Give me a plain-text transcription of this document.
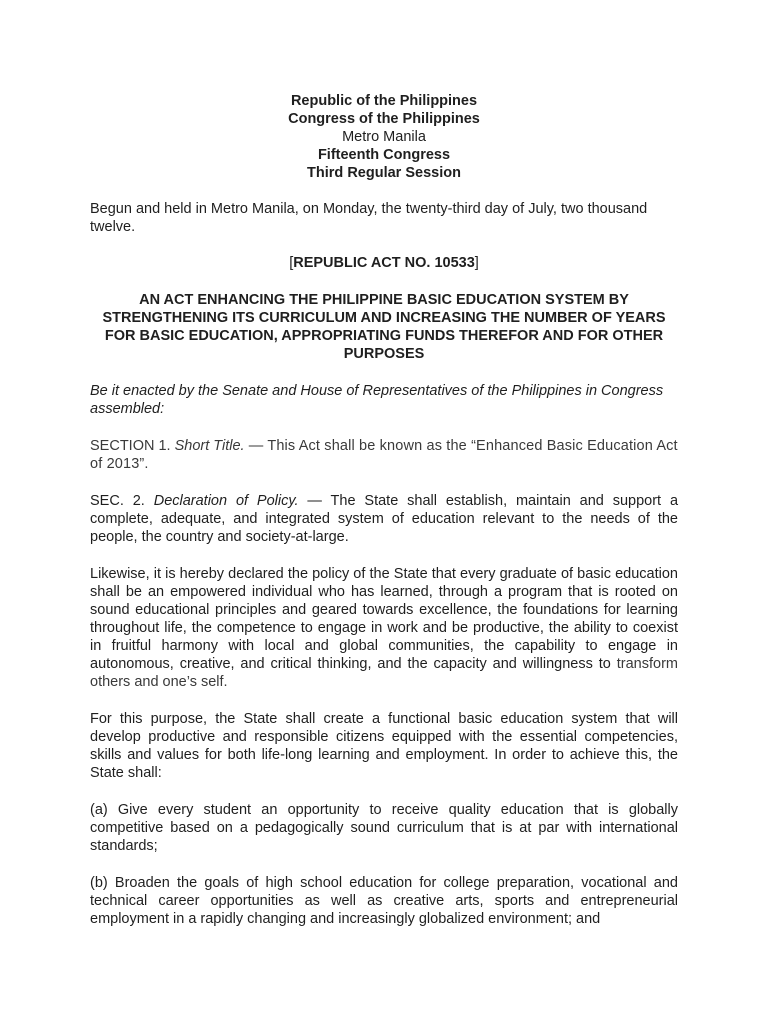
Republic of the Philippines
Congress of the Philippines
Metro Manila
Fifteenth Congress
Third Regular Session

Begun and held in Metro Manila, on Monday, the twenty-third day of July, two thousand twelve.

[REPUBLIC ACT NO. 10533]

AN ACT ENHANCING THE PHILIPPINE BASIC EDUCATION SYSTEM BY STRENGTHENING ITS CURRICULUM AND INCREASING THE NUMBER OF YEARS FOR BASIC EDUCATION, APPROPRIATING FUNDS THEREFOR AND FOR OTHER PURPOSES

Be it enacted by the Senate and House of Representatives of the Philippines in Congress assembled:

SECTION 1. Short Title. — This Act shall be known as the “Enhanced Basic Education Act of 2013”.

SEC. 2. Declaration of Policy. — The State shall establish, maintain and support a complete, adequate, and integrated system of education relevant to the needs of the people, the country and society-at-large.

Likewise, it is hereby declared the policy of the State that every graduate of basic education shall be an empowered individual who has learned, through a program that is rooted on sound educational principles and geared towards excellence, the foundations for learning throughout life, the competence to engage in work and be productive, the ability to coexist in fruitful harmony with local and global communities, the capability to engage in autonomous, creative, and critical thinking, and the capacity and willingness to transform others and one’s self.

For this purpose, the State shall create a functional basic education system that will develop productive and responsible citizens equipped with the essential competencies, skills and values for both life-long learning and employment. In order to achieve this, the State shall:

(a) Give every student an opportunity to receive quality education that is globally competitive based on a pedagogically sound curriculum that is at par with international standards;

(b) Broaden the goals of high school education for college preparation, vocational and technical career opportunities as well as creative arts, sports and entrepreneurial employment in a rapidly changing and increasingly globalized environment; and
